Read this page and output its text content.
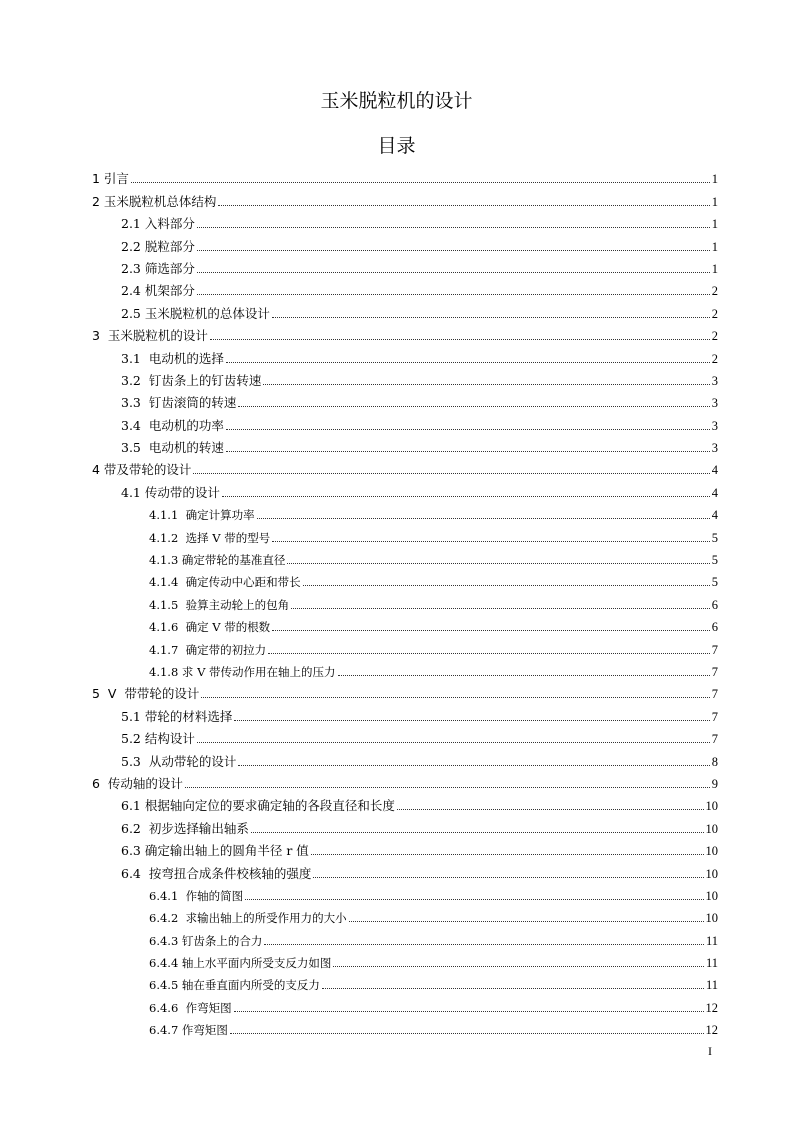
玉米脱粒机的设计
目录
1 引言	1
2 玉米脱粒机总体结构	1
2.1 入料部分	1
2.2 脱粒部分	1
2.3 筛选部分	1
2.4 机架部分	2
2.5 玉米脱粒机的总体设计	2
3  玉米脱粒机的设计	2
3.1  电动机的选择	2
3.2  钉齿条上的钉齿转速	3
3.3  钉齿滚筒的转速	3
3.4  电动机的功率	3
3.5  电动机的转速	3
4 带及带轮的设计	4
4.1 传动带的设计	4
4.1.1  确定计算功率	4
4.1.2  选择 V 带的型号	5
4.1.3 确定带轮的基准直径	5
4.1.4  确定传动中心距和带长	5
4.1.5  验算主动轮上的包角	6
4.1.6  确定 V 带的根数	6
4.1.7  确定带的初拉力	7
4.1.8 求 V 带传动作用在轴上的压力	7
5  V  带带轮的设计	7
5.1 带轮的材料选择	7
5.2 结构设计	7
5.3  从动带轮的设计	8
6  传动轴的设计	9
6.1 根据轴向定位的要求确定轴的各段直径和长度	10
6.2  初步选择输出轴系	10
6.3 确定输出轴上的圆角半径 r 值	10
6.4  按弯扭合成条件校核轴的强度	10
6.4.1  作轴的简图	10
6.4.2  求输出轴上的所受作用力的大小	10
6.4.3 钉齿条上的合力	11
6.4.4 轴上水平面内所受支反力如图	11
6.4.5 轴在垂直面内所受的支反力	11
6.4.6  作弯矩图	12
6.4.7 作弯矩图	12
I
